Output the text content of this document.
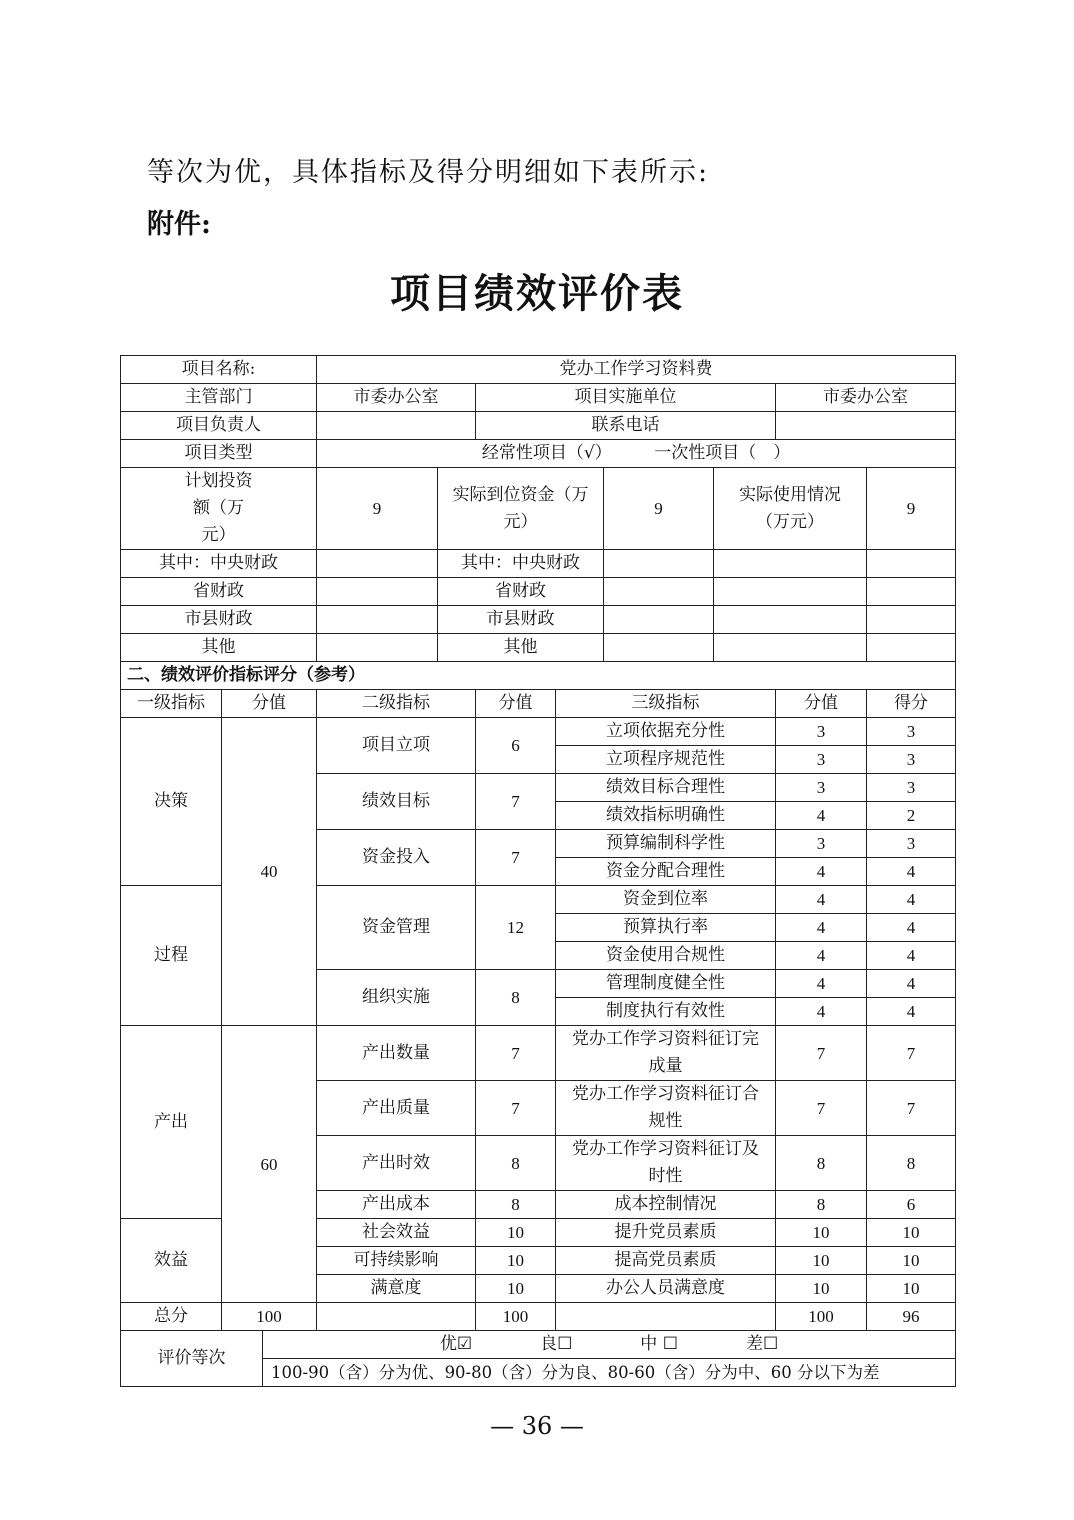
等次为优，具体指标及得分明细如下表所示:
附件:
项目绩效评价表
项目名称:			党办工作学习资料费							
主管部门			市委办公室		项目实施单位				市委办公室	
项目负责人					联系电话					
项目类型			经常性项目（√）　　　一次性项目（　）							
计划投资额（万元）			9	实际到位资金（万元）			9	实际使用情况（万元）		9
其中：中央财政				其中：中央财政						
省财政				省财政						
市县财政				市县财政						
其他				其他						
二、绩效评价指标评分（参考）										
一级指标	分值		二级指标		分值	三级指标			分值	得分
决策	40		项目立项		6	立项依据充分性			3	3
						立项程序规范性			3	3
			绩效目标		7	绩效目标合理性			3	3
						绩效指标明确性			4	2
			资金投入		7	预算编制科学性			3	3
						资金分配合理性			4	4
过程			资金管理		12	资金到位率			4	4
						预算执行率			4	4
						资金使用合规性			4	4
			组织实施		8	管理制度健全性			4	4
						制度执行有效性			4	4
产出	60		产出数量		7	党办工作学习资料征订完成量			7	7
			产出质量		7	党办工作学习资料征订合规性			7	7
			产出时效		8	党办工作学习资料征订及时性			8	8
			产出成本		8	成本控制情况			8	6
效益			社会效益		10	提升党员素质			10	10
			可持续影响		10	提高党员素质			10	10
			满意度		10	办公人员满意度			10	10
总分	100				100				100	96
评价等次		优☑　　　　良☐　　　　中 ☐　　　　差☐								
		100-90（含）分为优、90-80（含）分为良、80-60（含）分为中、60 分以下为差								
— 36 —
